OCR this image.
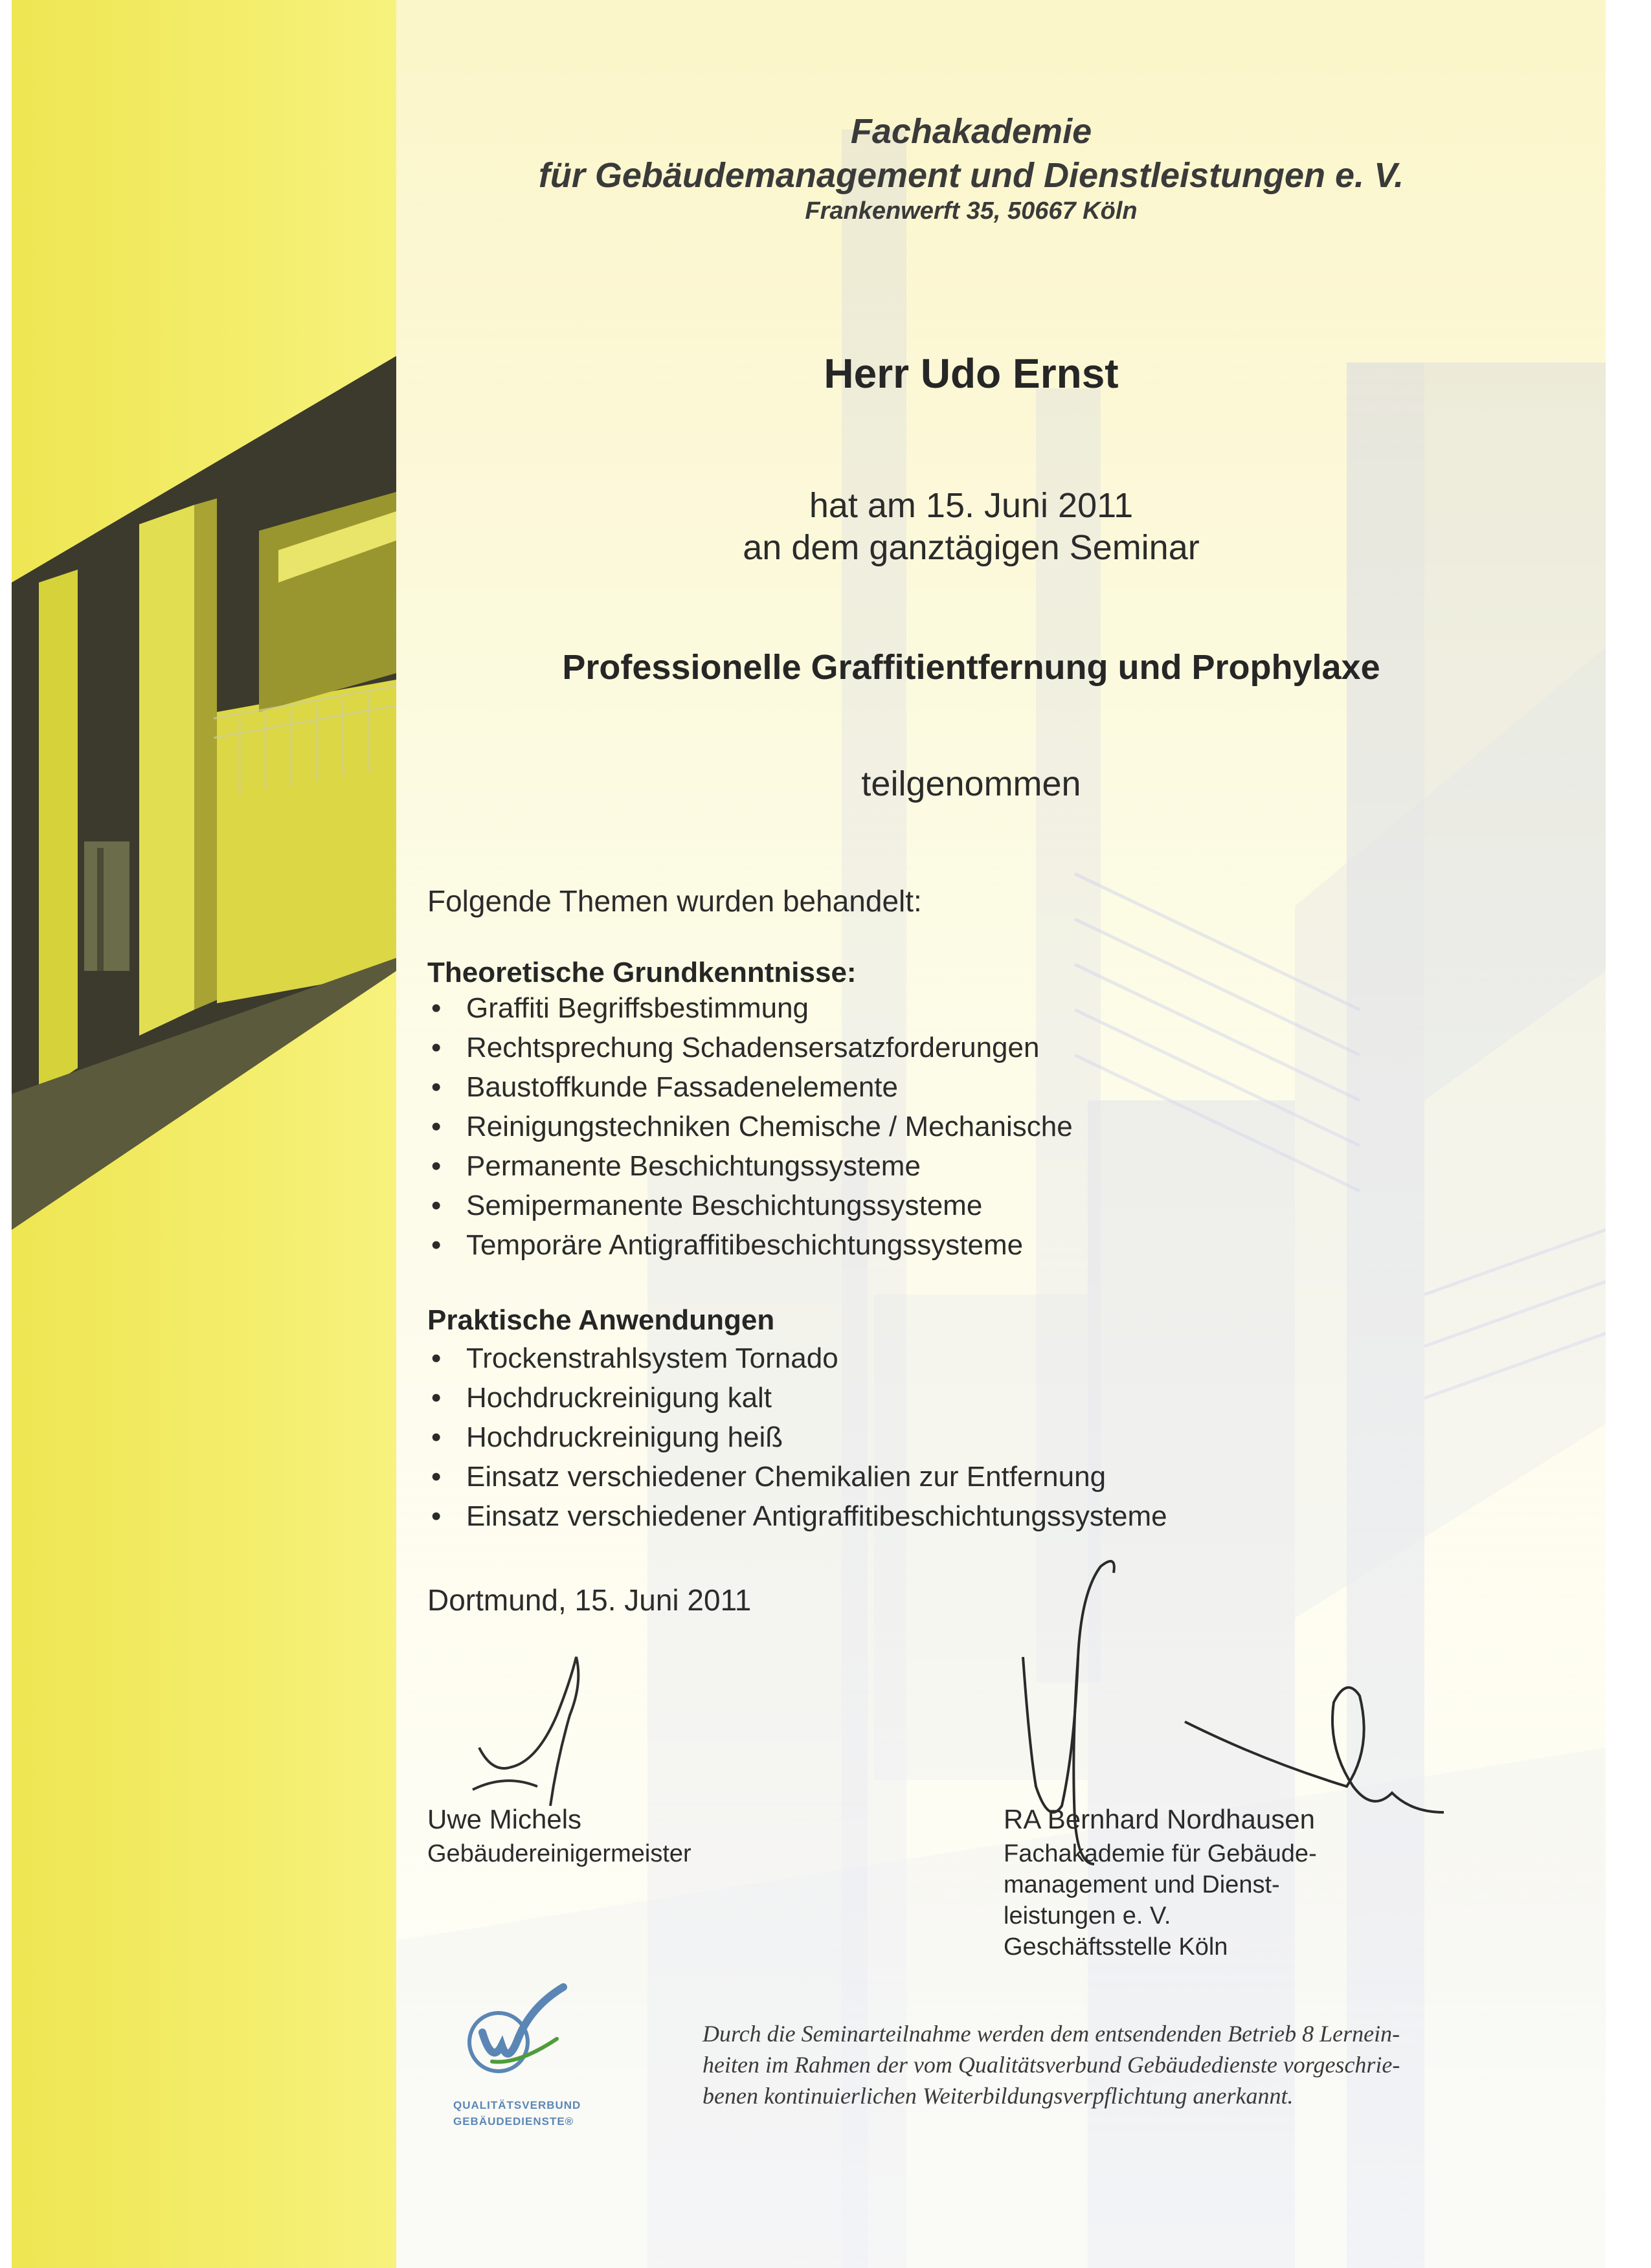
Fachakademie
für Gebäudemanagement und Dienstleistungen e. V.
Frankenwerft 35, 50667 Köln
Herr Udo Ernst
hat am 15. Juni 2011
an dem ganztägigen Seminar
Professionelle Graffitientfernung und Prophylaxe
teilgenommen
Folgende Themen wurden behandelt:
Theoretische Grundkenntnisse:
• Graffiti Begriffsbestimmung
• Rechtsprechung Schadensersatzforderungen
• Baustoffkunde Fassadenelemente
• Reinigungstechniken Chemische / Mechanische
• Permanente Beschichtungssysteme
• Semipermanente Beschichtungssysteme
• Temporäre Antigraffitibeschichtungssysteme
Praktische Anwendungen
• Trockenstrahlsystem Tornado
• Hochdruckreinigung kalt
• Hochdruckreinigung heiß
• Einsatz verschiedener Chemikalien zur Entfernung
• Einsatz verschiedener Antigraffitibeschichtungssysteme
Dortmund, 15. Juni 2011
Uwe Michels
Gebäudereinigermeister
RA Bernhard Nordhausen
Fachakademie für Gebäude-
management und Dienst-
leistungen e. V.
Geschäftsstelle Köln
QUALITÄTSVERBUND
GEBÄUDEDIENSTE®
Durch die Seminarteilnahme werden dem entsendenden Betrieb 8 Lernein-
heiten im Rahmen der vom Qualitätsverbund Gebäudedienste vorgeschrie-
benen kontinuierlichen Weiterbildungsverpflichtung anerkannt.
